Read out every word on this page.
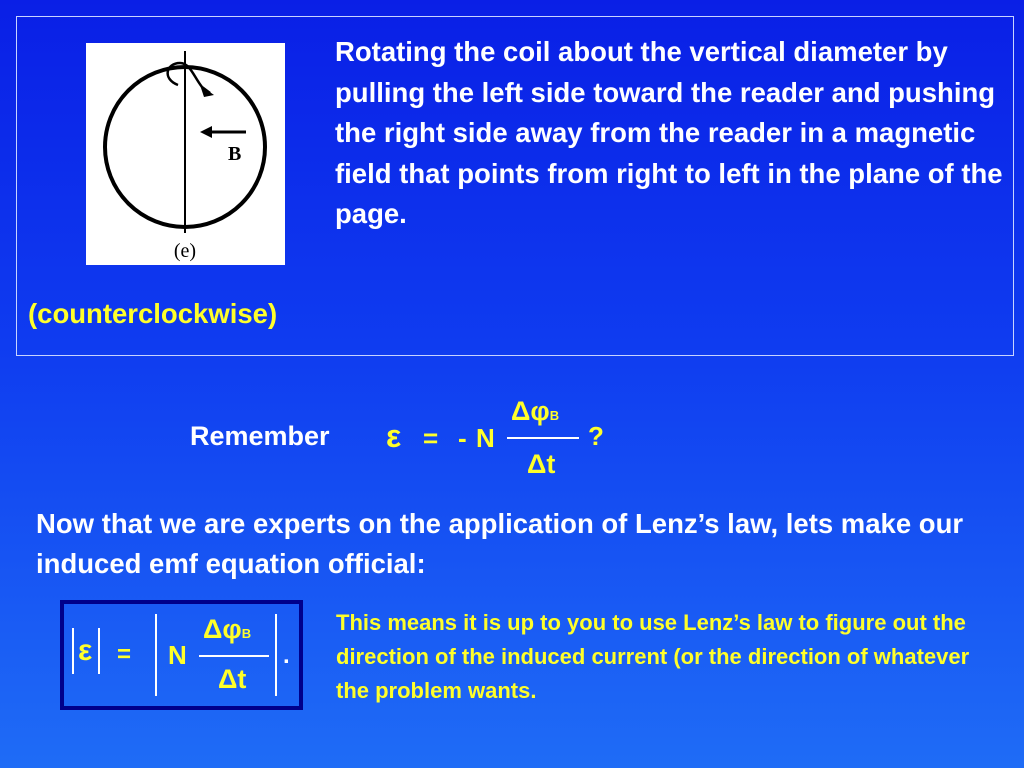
B
(e)
Rotating the coil about the vertical diameter by pulling the left side toward the reader and pushing the right side away from the reader in a magnetic field that points from right to left in the plane of the page.
(counterclockwise)
Remember ε = - N
ΔφB
Δt
?
Now that we are experts on the application of Lenz’s law, lets make our induced emf equation official:
ε = N
ΔφB
Δt
.
This means it is up to you to use Lenz’s law to figure out the direction of the induced current (or the direction of whatever the problem wants.
